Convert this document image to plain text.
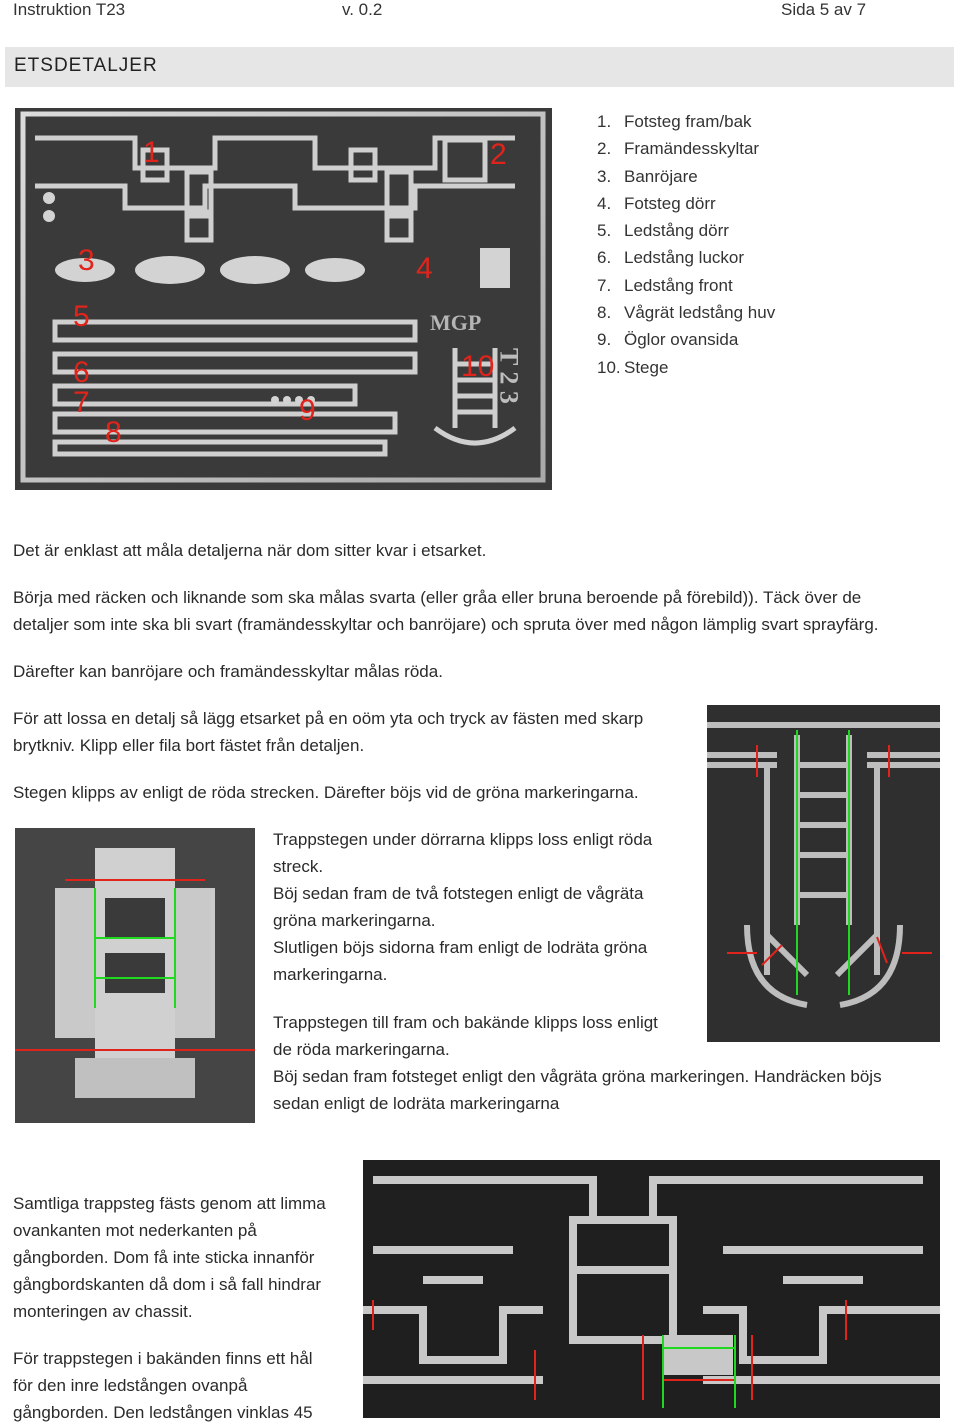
Instruktion T23	v. 0.2	Sida 5 av 7
ETSDETALJER
MGP
T 2 3
1	2
3	4
5
6
7
8
9
10
1. Fotsteg fram/bak
2. Framändesskyltar
3. Banröjare
4. Fotsteg dörr
5. Ledstång dörr
6. Ledstång luckor
7. Ledstång front
8. Vågrät ledstång huv
9. Öglor ovansida
10. Stege
Det är enklast att måla detaljerna när dom sitter kvar i etsarket.
Börja med räcken och liknande som ska målas svarta (eller gråa eller bruna beroende på förebild)). Täck över de
detaljer som inte ska bli svart (framändesskyltar och banröjare) och spruta över med någon lämplig svart sprayfärg.
Därefter kan banröjare och framändesskyltar målas röda.
För att lossa en detalj så lägg etsarket på en oöm yta och tryck av fästen med skarp
brytkniv. Klipp eller fila bort fästet från detaljen.
Stegen klipps av enligt de röda strecken. Därefter böjs vid de gröna markeringarna.
Trappstegen under dörrarna klipps loss enligt röda
streck.
Böj sedan fram de två fotstegen enligt de vågräta
gröna markeringarna.
Slutligen böjs sidorna fram enligt de lodräta gröna
markeringarna.
Trappstegen till fram och bakände klipps loss enligt
de röda markeringarna.
Böj sedan fram fotsteget enligt den vågräta gröna markeringen. Handräcken böjs
sedan enligt de lodräta markeringarna
Samtliga trappsteg fästs genom att limma
ovankanten mot nederkanten på
gångborden. Dom få inte sticka innanför
gångbordskanten då dom i så fall hindrar
monteringen av chassit.
För trappstegen i bakänden finns ett hål
för den inre ledstången ovanpå
gångborden. Den ledstången vinklas 45
